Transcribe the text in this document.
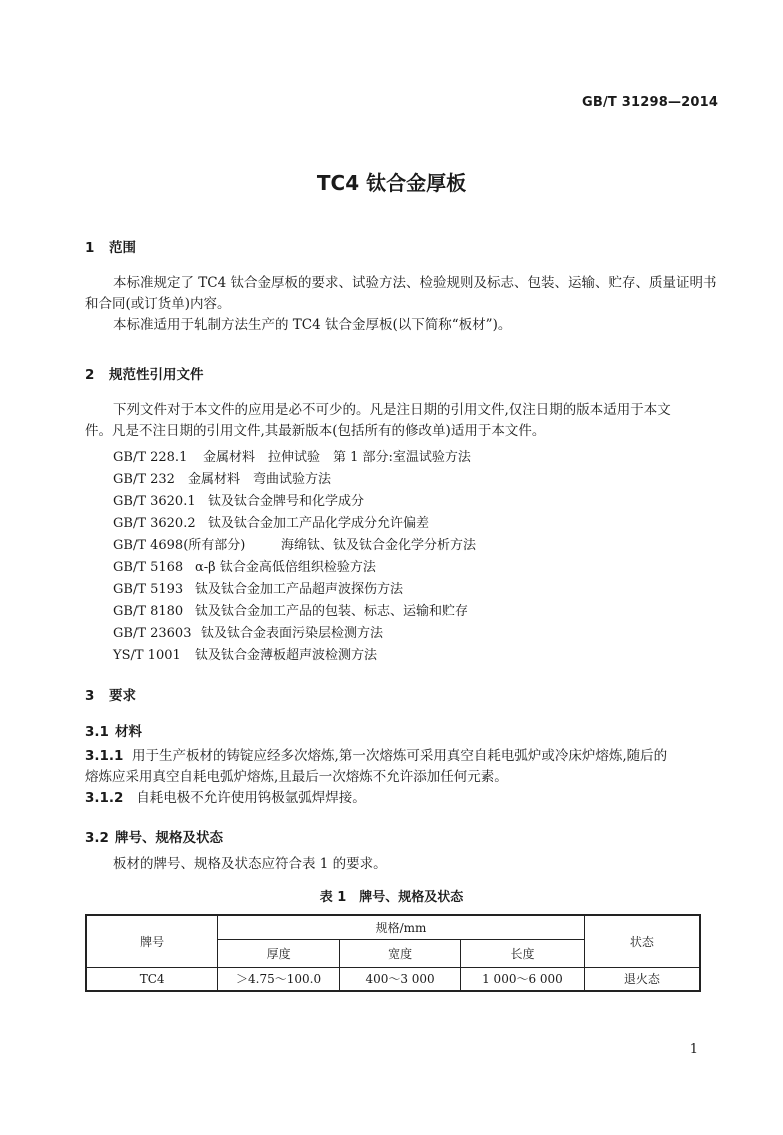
GB/T 31298—2014
TC4 钛合金厚板
1 范围
本标准规定了 TC4 钛合金厚板的要求、试验方法、检验规则及标志、包装、运输、贮存、质量证明书
和合同(或订货单)内容。
本标准适用于轧制方法生产的 TC4 钛合金厚板(以下简称“板材”)。
2 规范性引用文件
下列文件对于本文件的应用是必不可少的。凡是注日期的引用文件,仅注日期的版本适用于本文
件。凡是不注日期的引用文件,其最新版本(包括所有的修改单)适用于本文件。
GB/T 228.1 金属材料　拉伸试验　第 1 部分:室温试验方法
GB/T 232 金属材料　弯曲试验方法
GB/T 3620.1 钛及钛合金牌号和化学成分
GB/T 3620.2 钛及钛合金加工产品化学成分允许偏差
GB/T 4698(所有部分)	海绵钛、钛及钛合金化学分析方法
GB/T 5168 α-β 钛合金高低倍组织检验方法
GB/T 5193 钛及钛合金加工产品超声波探伤方法
GB/T 8180 钛及钛合金加工产品的包装、标志、运输和贮存
GB/T 23603 钛及钛合金表面污染层检测方法
YS/T 1001 钛及钛合金薄板超声波检测方法
3 要求
3.1 材料
3.1.1 用于生产板材的铸锭应经多次熔炼,第一次熔炼可采用真空自耗电弧炉或冷床炉熔炼,随后的
熔炼应采用真空自耗电弧炉熔炼,且最后一次熔炼不允许添加任何元素。
3.1.2 自耗电极不允许使用钨极氩弧焊焊接。
3.2 牌号、规格及状态
板材的牌号、规格及状态应符合表 1 的要求。
表 1　牌号、规格及状态
牌号	规格/mm			状态
	厚度	宽度	长度	
TC4	＞4.75～100.0	400～3 000	1 000～6 000	退火态
1
